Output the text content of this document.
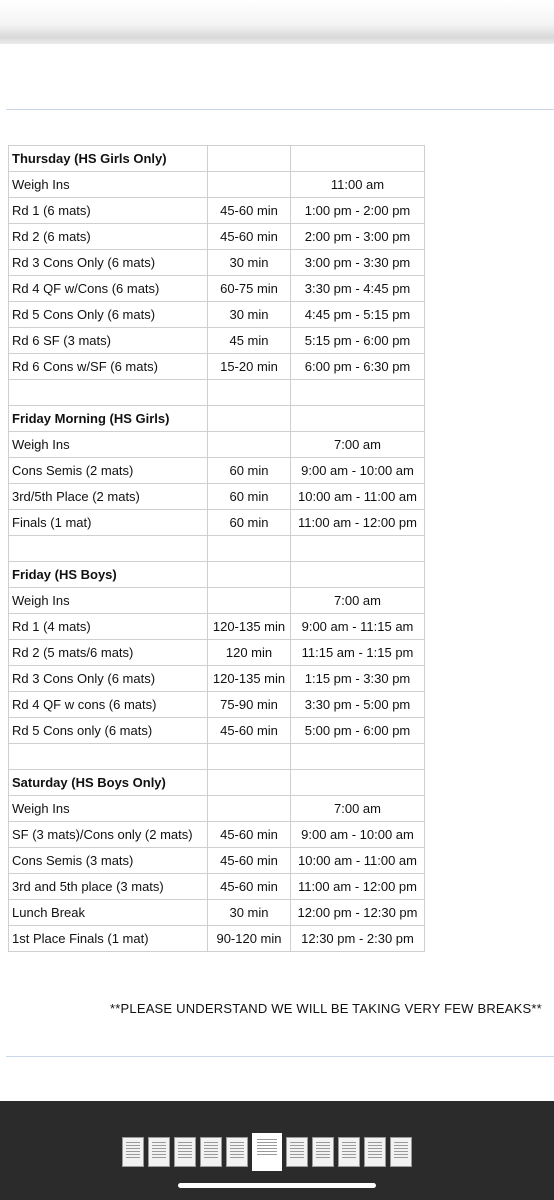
Thursday (HS Girls Only)		
Weigh Ins		11:00 am
Rd 1 (6 mats)	45-60 min	1:00 pm - 2:00 pm
Rd 2 (6 mats)	45-60 min	2:00 pm - 3:00 pm
Rd 3 Cons Only (6 mats)	30 min	3:00 pm - 3:30 pm
Rd 4 QF w/Cons (6 mats)	60-75 min	3:30 pm - 4:45 pm
Rd 5 Cons Only (6 mats)	30 min	4:45 pm - 5:15 pm
Rd 6 SF (3 mats)	45 min	5:15 pm - 6:00 pm
Rd 6 Cons w/SF (6 mats)	15-20 min	6:00 pm - 6:30 pm

Friday Morning (HS Girls)		
Weigh Ins		7:00 am
Cons Semis (2 mats)	60 min	9:00 am - 10:00 am
3rd/5th Place (2 mats)	60 min	10:00 am - 11:00 am
Finals (1 mat)	60 min	11:00 am - 12:00 pm

Friday (HS Boys)		
Weigh Ins		7:00 am
Rd 1 (4 mats)	120-135 min	9:00 am - 11:15 am
Rd 2 (5 mats/6 mats)	120 min	11:15 am - 1:15 pm
Rd 3 Cons Only (6 mats)	120-135 min	1:15 pm - 3:30 pm
Rd 4 QF w cons (6 mats)	75-90 min	3:30 pm - 5:00 pm
Rd 5 Cons only (6 mats)	45-60 min	5:00 pm - 6:00 pm

Saturday (HS Boys Only)		
Weigh Ins		7:00 am
SF (3 mats)/Cons only (2 mats)	45-60 min	9:00 am - 10:00 am
Cons Semis (3 mats)	45-60 min	10:00 am - 11:00 am
3rd and 5th place (3 mats)	45-60 min	11:00 am - 12:00 pm
Lunch Break	30 min	12:00 pm - 12:30 pm
1st Place Finals (1 mat)	90-120 min	12:30 pm - 2:30 pm
**PLEASE UNDERSTAND WE WILL BE TAKING VERY FEW BREAKS**
